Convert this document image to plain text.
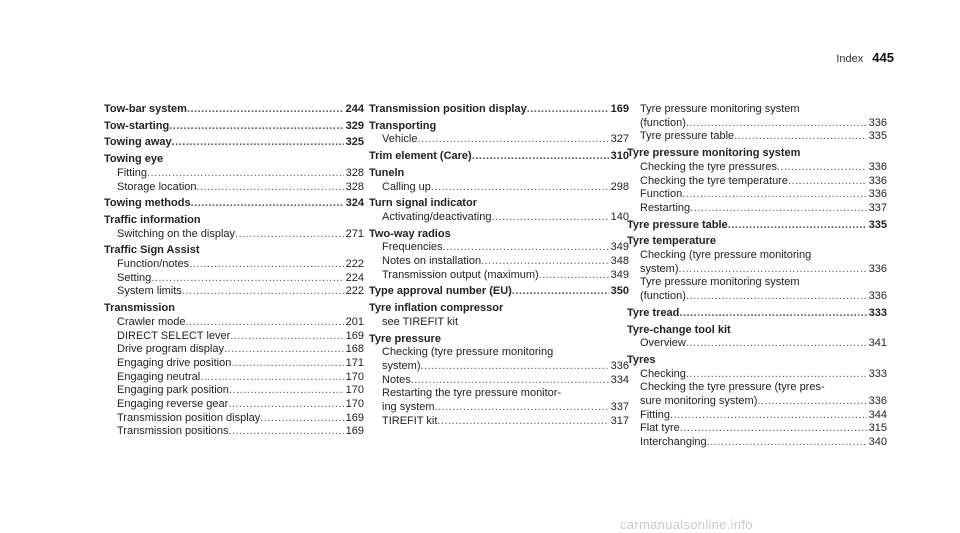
Index 445
Tow-bar system .....	244
Tow-starting .....	329
Towing away .....	325
Towing eye
Fitting .....	328
Storage location .....	328
Towing methods .....	324
Traffic information
Switching on the display .....	271
Traffic Sign Assist
Function/notes .....	222
Setting .....	224
System limits .....	222
Transmission
Crawler mode .....	201
DIRECT SELECT lever .....	169
Drive program display .....	168
Engaging drive position .....	171
Engaging neutral .....	170
Engaging park position .....	170
Engaging reverse gear .....	170
Transmission position display .....	169
Transmission positions .....	169
Transmission position display .....	169
Transporting
Vehicle .....	327
Trim element (Care) .....	310
Tuneln
Calling up .....	298
Turn signal indicator
Activating/deactivating .....	140
Two-way radios
Frequencies .....	349
Notes on installation .....	348
Transmission output (maximum) .....	349
Type approval number (EU) .....	350
Tyre inflation compressor
see TIREFIT kit
Tyre pressure
Checking (tyre pressure monitoring
system) .....	336
Notes .....	334
Restarting the tyre pressure monitor-
ing system .....	337
TIREFIT kit .....	317
Tyre pressure monitoring system
(function) .....	336
Tyre pressure table .....	335
Tyre pressure monitoring system
Checking the tyre pressures .....	336
Checking the tyre temperature .....	336
Function .....	336
Restarting .....	337
Tyre pressure table .....	335
Tyre temperature
Checking (tyre pressure monitoring
system) .....	336
Tyre pressure monitoring system
(function) .....	336
Tyre tread .....	333
Tyre-change tool kit
Overview .....	341
Tyres
Checking .....	333
Checking the tyre pressure (tyre pres-
sure monitoring system) .....	336
Fitting .....	344
Flat tyre .....	315
Interchanging .....	340
carmanualsonline.info
